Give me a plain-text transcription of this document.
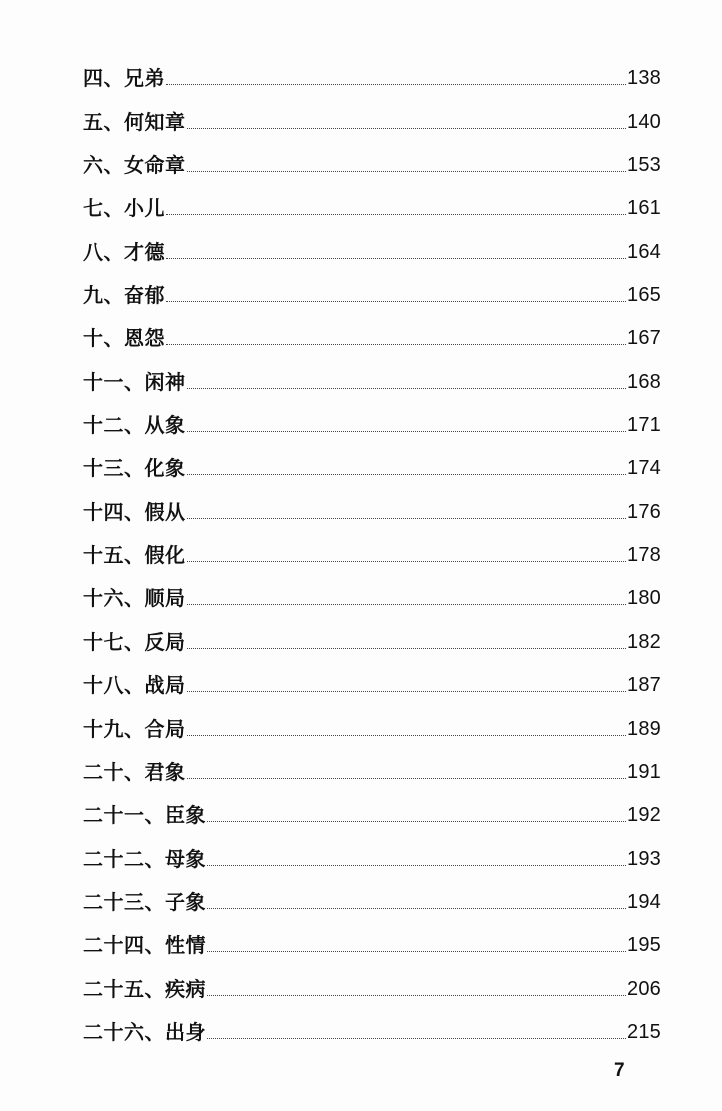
四、兄弟	138
五、何知章	140
六、女命章	153
七、小儿	161
八、才德	164
九、奋郁	165
十、恩怨	167
十一、闲神	168
十二、从象	171
十三、化象	174
十四、假从	176
十五、假化	178
十六、顺局	180
十七、反局	182
十八、战局	187
十九、合局	189
二十、君象	191
二十一、臣象	192
二十二、母象	193
二十三、子象	194
二十四、性情	195
二十五、疾病	206
二十六、出身	215
7
